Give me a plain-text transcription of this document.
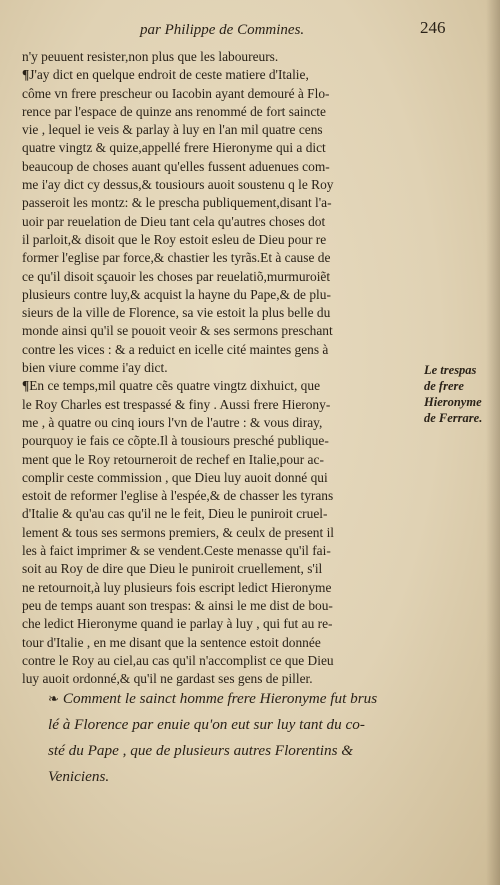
par Philippe de Commines.	246
n'y peuuent resister,non plus que les laboureurs.
¶J'ay dict en quelque endroit de ceste matiere d'Italie,
côme vn frere prescheur ou Iacobin ayant demouré à Flo-
rence par l'espace de quinze ans renommé de fort saincte
vie , lequel ie veis & parlay à luy en l'an mil quatre cens
quatre vingtz & quize,appellé frere Hieronyme qui a dict
beaucoup de choses auant qu'elles fussent aduenues com-
me i'ay dict cy dessus,& tousiours auoit soustenu q le Roy
passeroit les montz: & le prescha publiquement,disant l'a-
uoir par reuelation de Dieu tant cela qu'autres choses dot
il parloit,& disoit que le Roy estoit esleu de Dieu pour re
former l'eglise par force,& chastier les tyrãs.Et à cause de
ce qu'il disoit sçauoir les choses par reuelatiõ,murmuroiẽt
plusieurs contre luy,& acquist la hayne du Pape,& de plu-
sieurs de la ville de Florence, sa vie estoit la plus belle du
monde ainsi qu'il se pouoit veoir & ses sermons preschant
contre les vices : & a reduict en icelle cité maintes gens à
bien viure comme i'ay dict.
¶En ce temps,mil quatre cẽs quatre vingtz dixhuict, que
le Roy Charles est trespassé & finy . Aussi frere Hierony-
me , à quatre ou cinq iours l'vn de l'autre : & vous diray,
pourquoy ie fais ce cõpte.Il à tousiours presché publique-
ment que le Roy retourneroit de rechef en Italie,pour ac-
complir ceste commission , que Dieu luy auoit donné qui
estoit de reformer l'eglise à l'espée,& de chasser les tyrans
d'Italie & qu'au cas qu'il ne le feit, Dieu le puniroit cruel-
lement & tous ses sermons premiers, & ceulx de present il
les à faict imprimer & se vendent.Ceste menasse qu'il fai-
soit au Roy de dire que Dieu le puniroit cruellement, s'il
ne retournoit,à luy plusieurs fois escript ledict Hieronyme
peu de temps auant son trespas: & ainsi le me dist de bou-
che ledict Hieronyme quand ie parlay à luy , qui fut au re-
tour d'Italie , en me disant que la sentence estoit donnée
contre le Roy au ciel,au cas qu'il n'accomplist ce que Dieu
luy auoit ordonné,& qu'il ne gardast ses gens de piller.
Le trespas
de frere
Hieronyme
de Ferrare.
❧ Comment le sainct homme frere Hieronyme fut brus
lé à Florence par enuie qu'on eut sur luy tant du co-
sté du Pape , que de plusieurs autres Florentins &
Veniciens.
